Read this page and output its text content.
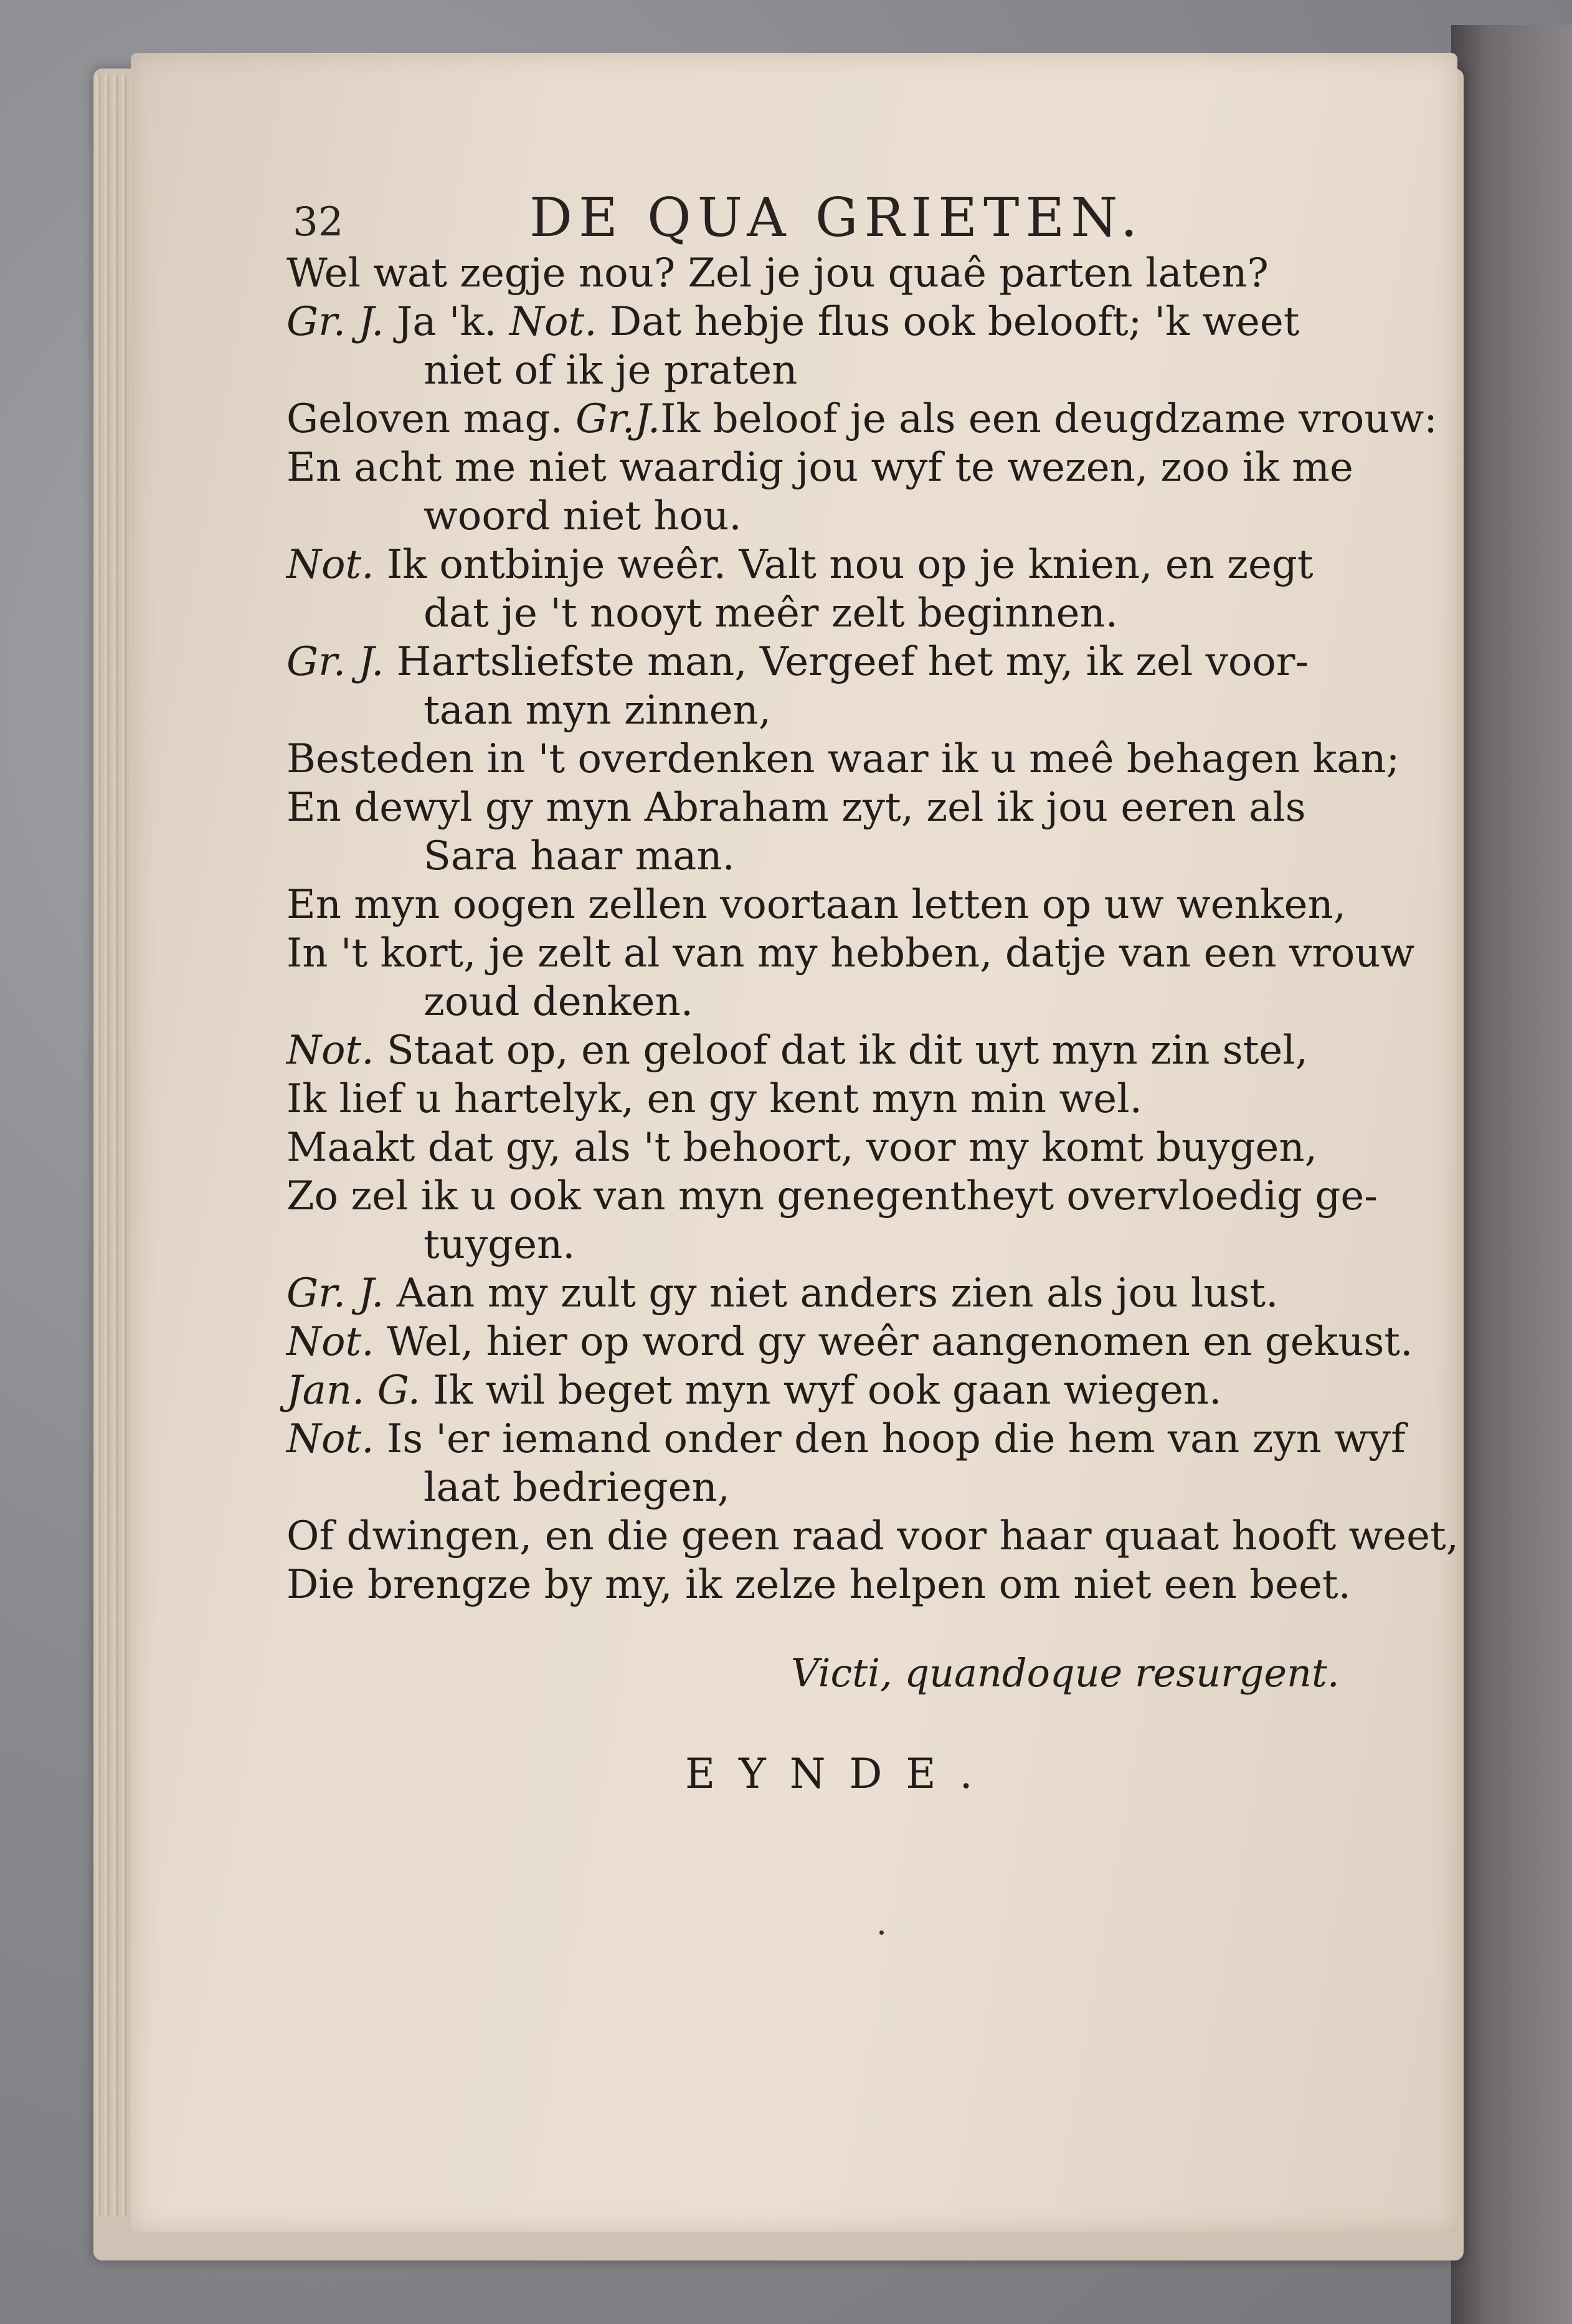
32	DE QUA GRIETEN.
Wel wat zegje nou? Zel je jou quaê parten laten?
Gr. J. Ja 'k. Not. Dat hebje flus ook belooft; 'k weet
niet of ik je praten
Geloven mag. Gr.J.Ik beloof je als een deugdzame vrouw:
En acht me niet waardig jou wyf te wezen, zoo ik me
woord niet hou.
Not. Ik ontbinje weêr. Valt nou op je knien, en zegt
dat je 't nooyt meêr zelt beginnen.
Gr. J. Hartsliefste man, Vergeef het my, ik zel voor-
taan myn zinnen,
Besteden in 't overdenken waar ik u meê behagen kan;
En dewyl gy myn Abraham zyt, zel ik jou eeren als
Sara haar man.
En myn oogen zellen voortaan letten op uw wenken,
In 't kort, je zelt al van my hebben, datje van een vrouw
zoud denken.
Not. Staat op, en geloof dat ik dit uyt myn zin stel,
Ik lief u hartelyk, en gy kent myn min wel.
Maakt dat gy, als 't behoort, voor my komt buygen,
Zo zel ik u ook van myn genegentheyt overvloedig ge-
tuygen.
Gr. J. Aan my zult gy niet anders zien als jou lust.
Not. Wel, hier op word gy weêr aangenomen en gekust.
Jan. G. Ik wil beget myn wyf ook gaan wiegen.
Not. Is 'er iemand onder den hoop die hem van zyn wyf
laat bedriegen,
Of dwingen, en die geen raad voor haar quaat hooft weet,
Die brengze by my, ik zelze helpen om niet een beet.
Victi, quandoque resurgent.
EYNDE.
